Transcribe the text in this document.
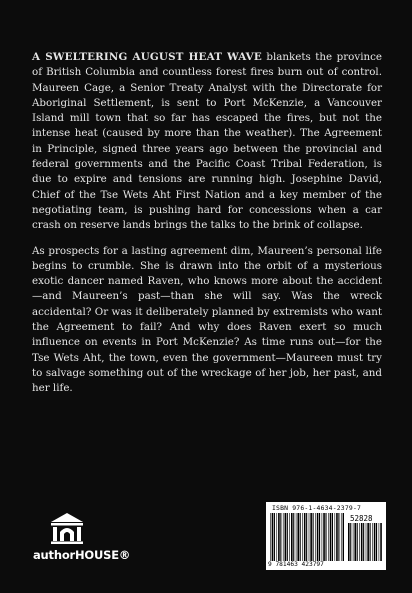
A SWELTERING AUGUST HEAT WAVE blankets the province of British Columbia and countless forest fires burn out of control. Maureen Cage, a Senior Treaty Analyst with the Directorate for Aboriginal Settlement, is sent to Port McKenzie, a Vancouver Island mill town that so far has escaped the fires, but not the intense heat (caused by more than the weather). The Agreement in Principle, signed three years ago between the provincial and federal governments and the Pacific Coast Tribal Federation, is due to expire and tensions are running high. Josephine David, Chief of the Tse Wets Aht First Nation and a key member of the negotiating team, is pushing hard for concessions when a car crash on reserve lands brings the talks to the brink of collapse.

As prospects for a lasting agreement dim, Maureen’s personal life begins to crumble. She is drawn into the orbit of a mysterious exotic dancer named Raven, who knows more about the accident—and Maureen’s past—than she will say. Was the wreck accidental? Or was it deliberately planned by extremists who want the Agreement to fail? And why does Raven exert so much influence on events in Port McKenzie? As time runs out—for the Tse Wets Aht, the town, even the government—Maureen must try to salvage something out of the wreckage of her job, her past, and her life.

authorHOUSE®
ISBN 976-1-4634-2379-7
52828
9 781463 423797
